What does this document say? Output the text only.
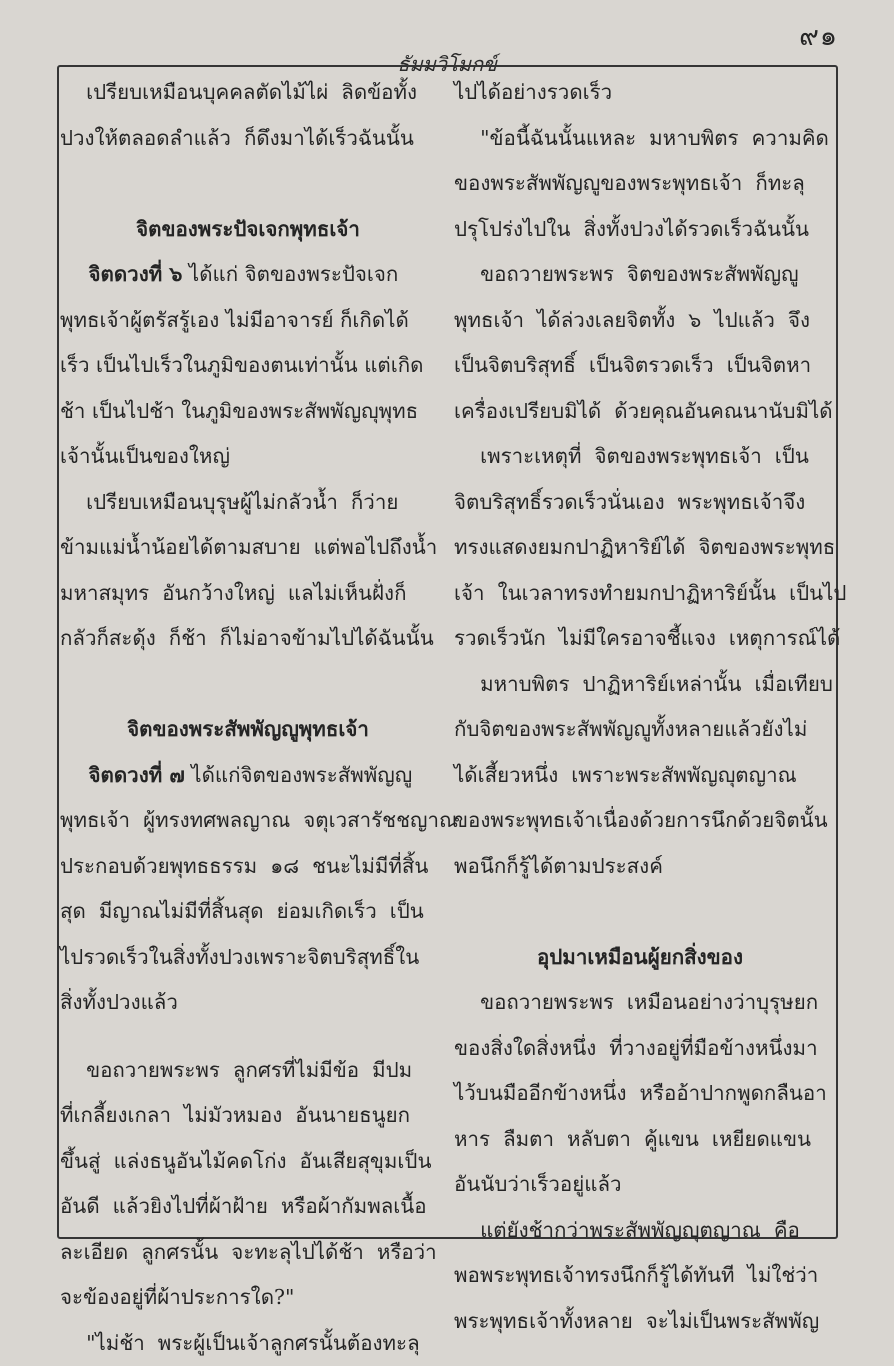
๙๑
ธัมมวิโมกข์
เปรียบเหมือนบุคคลตัดไม้ไผ่  ลิดข้อทั้ง
ปวงให้ตลอดลำแล้ว  ก็ดึงมาได้เร็วฉันนั้น
จิตของพระปัจเจกพุทธเจ้า
จิตดวงที่ ๖ ได้แก่ จิตของพระปัจเจก
พุทธเจ้าผู้ตรัสรู้เอง ไม่มีอาจารย์ ก็เกิดได้
เร็ว เป็นไปเร็วในภูมิของตนเท่านั้น แต่เกิด
ช้า เป็นไปช้า ในภูมิของพระสัพพัญญุพุทธ
เจ้านั้นเป็นของใหญ่
เปรียบเหมือนบุรุษผู้ไม่กลัวน้ำ  ก็ว่าย
ข้ามแม่น้ำน้อยได้ตามสบาย  แต่พอไปถึงน้ำ
มหาสมุทร  อันกว้างใหญ่  แลไม่เห็นฝั่งก็
กลัวก็สะดุ้ง  ก็ช้า  ก็ไม่อาจข้ามไปได้ฉันนั้น
จิตของพระสัพพัญญูพุทธเจ้า
จิตดวงที่ ๗ ได้แก่จิตของพระสัพพัญญู
พุทธเจ้า  ผู้ทรงทศพลญาณ  จตุเวสารัชชญาณ
ประกอบด้วยพุทธธรรม  ๑๘  ชนะไม่มีที่สิ้น
สุด  มีญาณไม่มีที่สิ้นสุด  ย่อมเกิดเร็ว  เป็น
ไปรวดเร็วในสิ่งทั้งปวงเพราะจิตบริสุทธิ์ใน
สิ่งทั้งปวงแล้ว
ขอถวายพระพร  ลูกศรที่ไม่มีข้อ  มีปม
ที่เกลี้ยงเกลา  ไม่มัวหมอง  อันนายธนูยก
ขึ้นสู่  แล่งธนูอันไม้คดโก่ง  อันเสียสุขุมเป็น
อันดี  แล้วยิงไปที่ผ้าฝ้าย  หรือผ้ากัมพลเนื้อ
ละเอียด  ลูกศรนั้น  จะทะลุไปได้ช้า  หรือว่า
จะข้องอยู่ที่ผ้าประการใด?"
"ไม่ช้า  พระผู้เป็นเจ้าลูกศรนั้นต้องทะลุ
ไปได้อย่างรวดเร็ว
"ข้อนี้ฉันนั้นแหละ  มหาบพิตร  ความคิด
ของพระสัพพัญญูของพระพุทธเจ้า  ก็ทะลุ
ปรุโปร่งไปใน  สิ่งทั้งปวงได้รวดเร็วฉันนั้น
ขอถวายพระพร  จิตของพระสัพพัญญู
พุทธเจ้า  ได้ล่วงเลยจิตทั้ง  ๖  ไปแล้ว  จึง
เป็นจิตบริสุทธิ์  เป็นจิตรวดเร็ว  เป็นจิตหา
เครื่องเปรียบมิได้  ด้วยคุณอันคณนานับมิได้
เพราะเหตุที่  จิตของพระพุทธเจ้า  เป็น
จิตบริสุทธิ์รวดเร็วนั่นเอง  พระพุทธเจ้าจึง
ทรงแสดงยมกปาฏิหาริย์ได้  จิตของพระพุทธ
เจ้า  ในเวลาทรงทำยมกปาฏิหาริย์นั้น  เป็นไป
รวดเร็วนัก  ไม่มีใครอาจชี้แจง  เหตุการณ์ได้
มหาบพิตร  ปาฏิหาริย์เหล่านั้น  เมื่อเทียบ
กับจิตของพระสัพพัญญูทั้งหลายแล้วยังไม่
ได้เสี้ยวหนึ่ง  เพราะพระสัพพัญญุตญาณ
ของพระพุทธเจ้าเนื่องด้วยการนึกด้วยจิตนั้น
พอนึกก็รู้ได้ตามประสงค์
อุปมาเหมือนผู้ยกสิ่งของ
ขอถวายพระพร  เหมือนอย่างว่าบุรุษยก
ของสิ่งใดสิ่งหนึ่ง  ที่วางอยู่ที่มือข้างหนึ่งมา
ไว้บนมืออีกข้างหนึ่ง  หรืออ้าปากพูดกลืนอา
หาร  ลืมตา  หลับตา  คู้แขน  เหยียดแขน
อันนับว่าเร็วอยู่แล้ว
แต่ยังช้ากว่าพระสัพพัญญุตญาณ  คือ
พอพระพุทธเจ้าทรงนึกก็รู้ได้ทันที  ไม่ใช่ว่า
พระพุทธเจ้าทั้งหลาย  จะไม่เป็นพระสัพพัญ
